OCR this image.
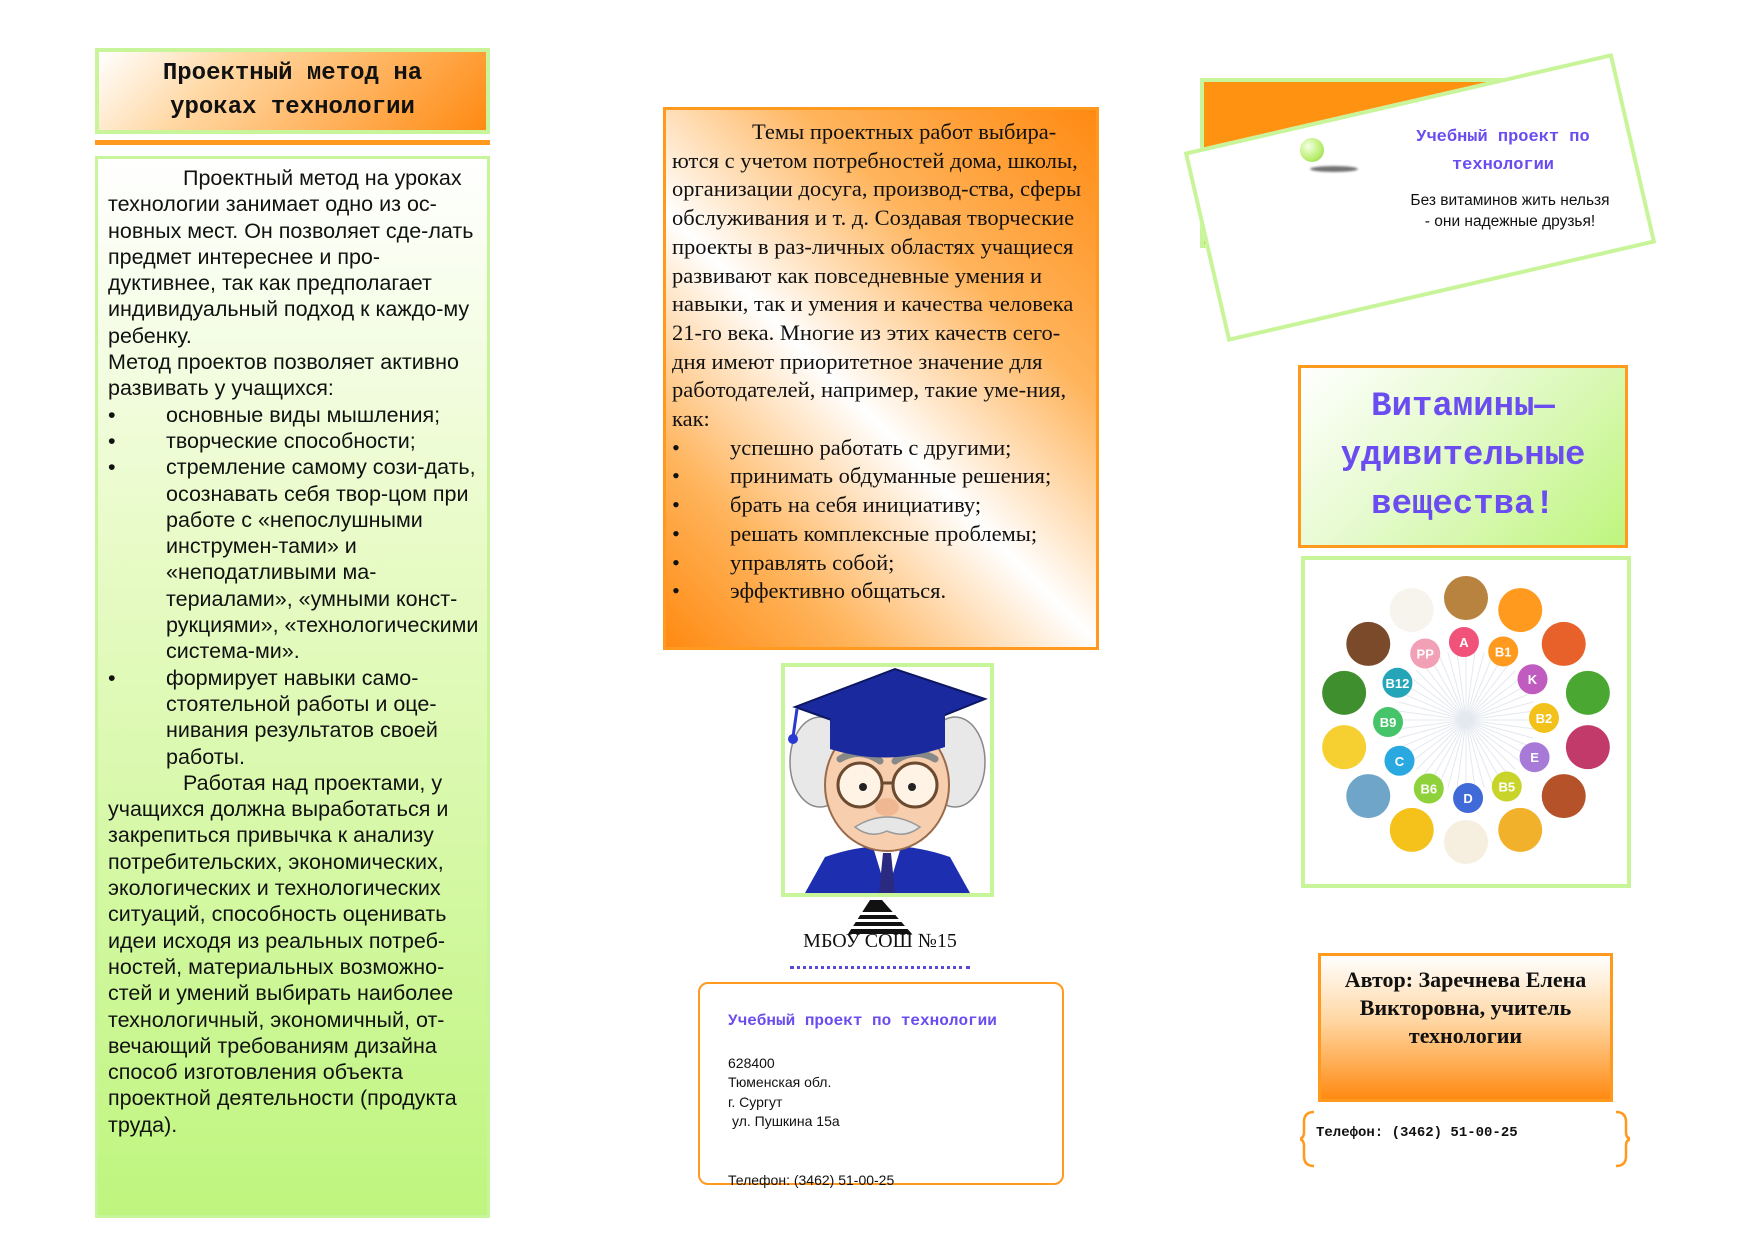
Проектный метод на уроках технологии

Проектный метод на уроках технологии занимает одно из ос-новных мест. Он позволяет сде-лать предмет интереснее и про-дуктивнее, так как предполагает индивидуальный подход к каждо-му ребенку.

Метод проектов позволяет активно развивать у учащихся:

• основные виды мышления;
• творческие способности;
• стремление самому сози-дать, осознавать себя твор-цом при работе с «непослушными инструмен-тами» и «неподатливыми ма-териалами», «умными конст-рукциями», «технологическими система-ми».
• формирует навыки само-стоятельной работы и оце-нивания результатов своей работы.

Работая над проектами, у учащихся должна выработаться и закрепиться привычка к анализу потребительских, экономических, экологических и технологических ситуаций, способность оценивать идеи исходя из реальных потреб-ностей, материальных возможно-стей и умений выбирать наиболее технологичный, экономичный, от-вечающий требованиям дизайна способ изготовления объекта проектной деятельности (продукта труда).

Темы проектных работ выбира-ются с учетом потребностей дома, школы, организации досуга, производ-ства, сферы обслуживания и т. д. Создавая творческие проекты в раз-личных областях учащиеся развивают как повседневные умения и навыки, так и умения и качества человека 21-го века. Многие из этих качеств сего-дня имеют приоритетное значение для работодателей, например, такие уме-ния, как:

• успешно работать с другими;
• принимать обдуманные решения;
• брать на себя инициативу;
• решать комплексные проблемы;
• управлять собой;
• эффективно общаться.
МБОУ СОШ №15
Учебный проект по технологии
628400
Тюменская обл.
г. Сургут
ул. Пушкина 15а
Телефон: (3462) 51-00-25
Учебный проект по технологии
Без витаминов жить нельзя
- они надежные друзья!
Витамины— удивительные вещества!
PP
A
B1
K
B2
E
B5
D
B6
C
B9
B12
Автор: Заречнева Елена Викторовна, учитель технологии
Телефон: (3462) 51-00-25
